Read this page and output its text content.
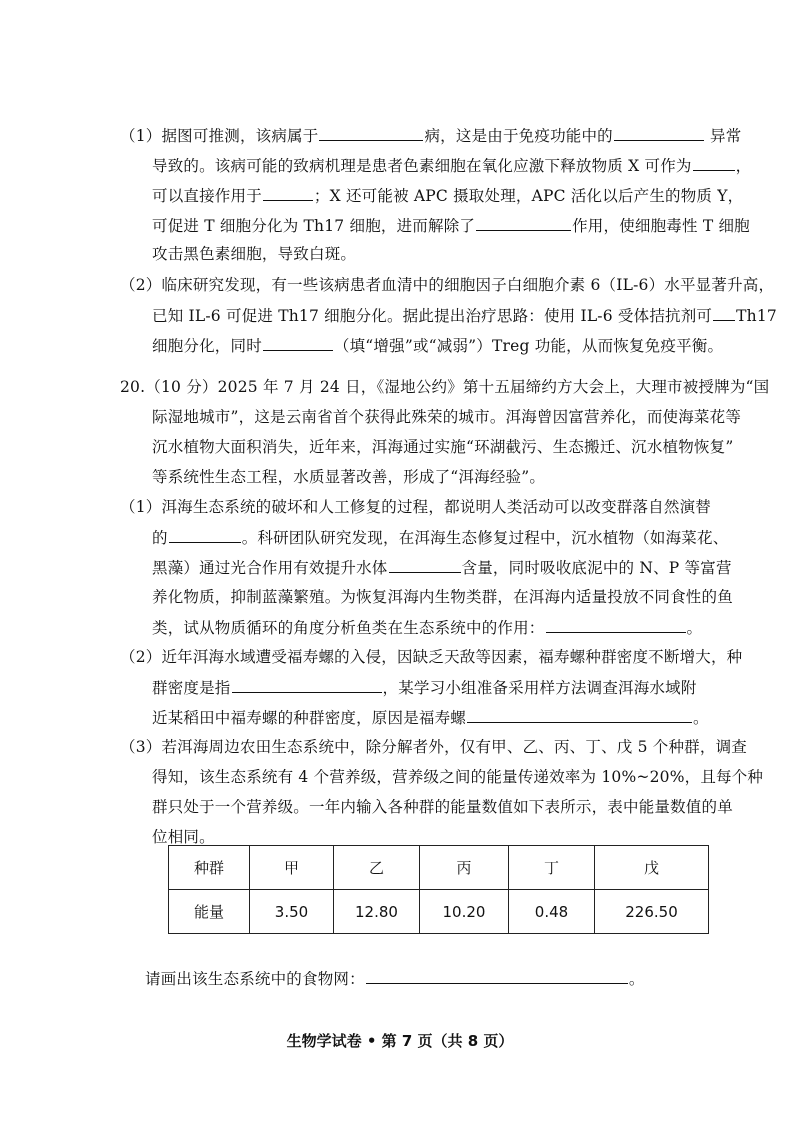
（1）据图可推测，该病属于	病，这是由于免疫功能中的	异常
导致的。该病可能的致病机理是患者色素细胞在氧化应激下释放物质 X 可作为	，
可以直接作用于	；X 还可能被 APC 摄取处理，APC 活化以后产生的物质 Y，
可促进 T 细胞分化为 Th17 细胞，进而解除了	作用，使细胞毒性 T 细胞
攻击黑色素细胞，导致白斑。
（2）临床研究发现，有一些该病患者血清中的细胞因子白细胞介素 6（IL-6）水平显著升高，
已知 IL-6 可促进 Th17 细胞分化。据此提出治疗思路：使用 IL-6 受体拮抗剂可 Th17
细胞分化，同时	（填“增强”或“减弱”）Treg 功能，从而恢复免疫平衡。
20.（10 分）2025 年 7 月 24 日，《湿地公约》第十五届缔约方大会上，大理市被授牌为“国
际湿地城市”，这是云南省首个获得此殊荣的城市。洱海曾因富营养化，而使海菜花等
沉水植物大面积消失，近年来，洱海通过实施“环湖截污、生态搬迁、沉水植物恢复”
等系统性生态工程，水质显著改善，形成了“洱海经验”。
（1）洱海生态系统的破坏和人工修复的过程，都说明人类活动可以改变群落自然演替
的	。科研团队研究发现，在洱海生态修复过程中，沉水植物（如海菜花、
黑藻）通过光合作用有效提升水体	含量，同时吸收底泥中的 N、P 等富营
养化物质，抑制蓝藻繁殖。为恢复洱海内生物类群，在洱海内适量投放不同食性的鱼
类，试从物质循环的角度分析鱼类在生态系统中的作用：	。
（2）近年洱海水域遭受福寿螺的入侵，因缺乏天敌等因素，福寿螺种群密度不断增大，种
群密度是指	，某学习小组准备采用样方法调查洱海水域附
近某稻田中福寿螺的种群密度，原因是福寿螺	。
（3）若洱海周边农田生态系统中，除分解者外，仅有甲、乙、丙、丁、戊 5 个种群，调查
得知，该生态系统有 4 个营养级，营养级之间的能量传递效率为 10%~20%，且每个种
群只处于一个营养级。一年内输入各种群的能量数值如下表所示，表中能量数值的单
位相同。
种群	甲	乙	丙	丁	戊
能量	3.50	12.80	10.20	0.48	226.50
请画出该生态系统中的食物网：	。
生物学试卷 • 第 7 页（共 8 页）
